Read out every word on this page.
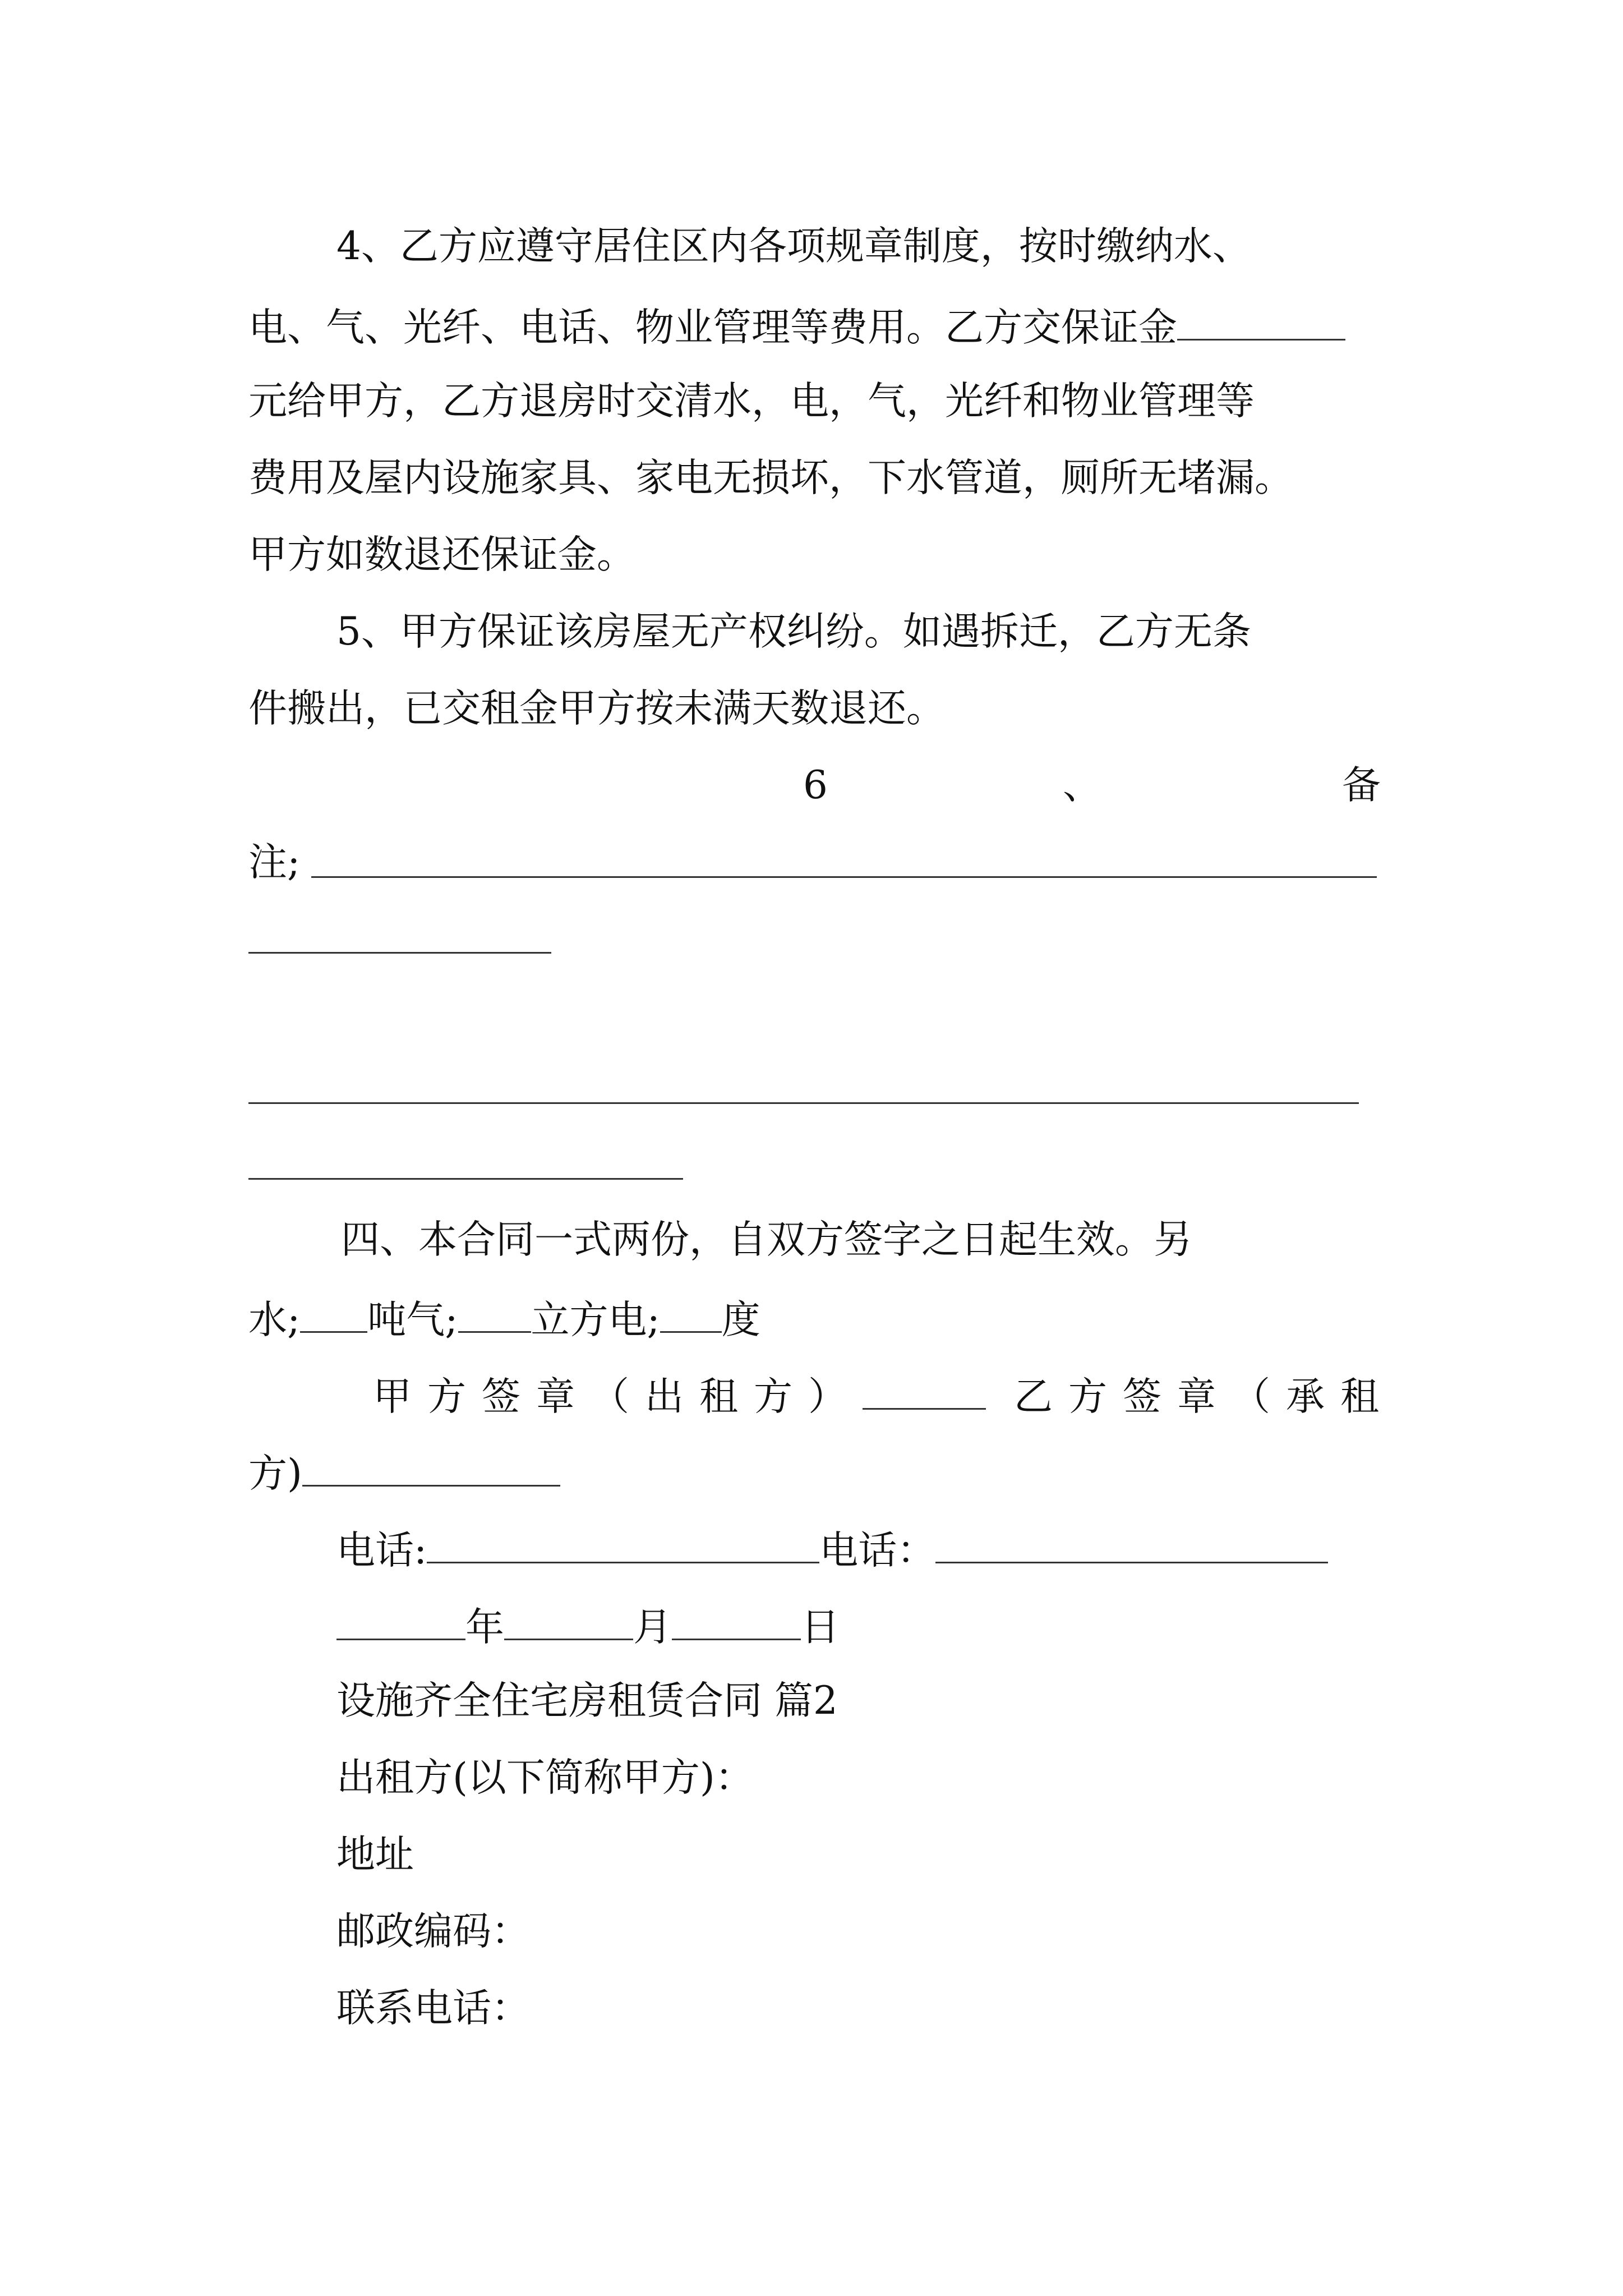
4、乙方应遵守居住区内各项规章制度，按时缴纳水、
电、气、光纤、电话、物业管理等费用。乙方交保证金
元给甲方，乙方退房时交清水，电，气，光纤和物业管理等
费用及屋内设施家具、家电无损坏，下水管道，厕所无堵漏。
甲方如数退还保证金。
5、甲方保证该房屋无产权纠纷。如遇拆迁，乙方无条
件搬出，已交租金甲方按未满天数退还。
6	、	备
注;
四、本合同一式两份，自双方签字之日起生效。另
水; 吨气; 立方电; 度
甲方签章（出租方）	乙方签章（承租
方)
电话:	电话：
年	月	日
设施齐全住宅房租赁合同 篇2
出租方(以下简称甲方)：
地址
邮政编码：
联系电话：
